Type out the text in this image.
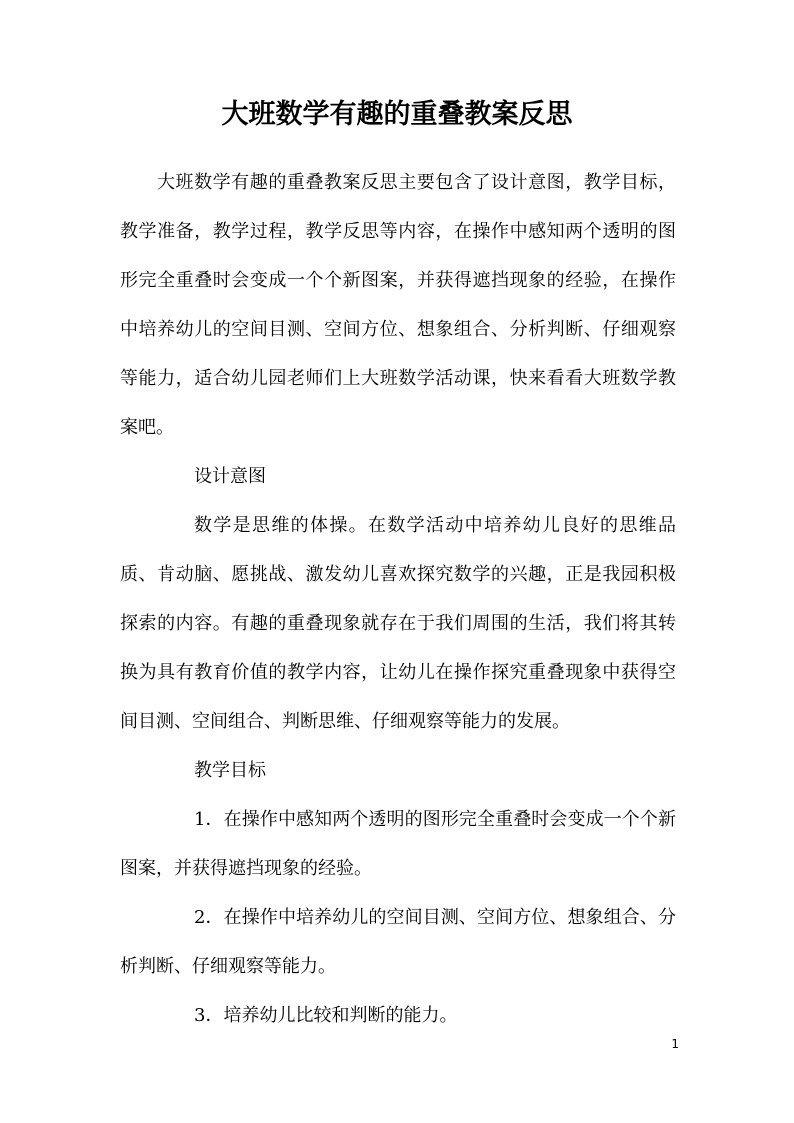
大班数学有趣的重叠教案反思

大班数学有趣的重叠教案反思主要包含了设计意图，教学目标，教学准备，教学过程，教学反思等内容，在操作中感知两个透明的图形完全重叠时会变成一个个新图案，并获得遮挡现象的经验，在操作中培养幼儿的空间目测、空间方位、想象组合、分析判断、仔细观察等能力，适合幼儿园老师们上大班数学活动课，快来看看大班数学教案吧。

设计意图

数学是思维的体操。在数学活动中培养幼儿良好的思维品质、肯动脑、愿挑战、激发幼儿喜欢探究数学的兴趣，正是我园积极探索的内容。有趣的重叠现象就存在于我们周围的生活，我们将其转换为具有教育价值的教学内容，让幼儿在操作探究重叠现象中获得空间目测、空间组合、判断思维、仔细观察等能力的发展。

教学目标

1．在操作中感知两个透明的图形完全重叠时会变成一个个新图案，并获得遮挡现象的经验。

2．在操作中培养幼儿的空间目测、空间方位、想象组合、分析判断、仔细观察等能力。

3．培养幼儿比较和判断的能力。

1
